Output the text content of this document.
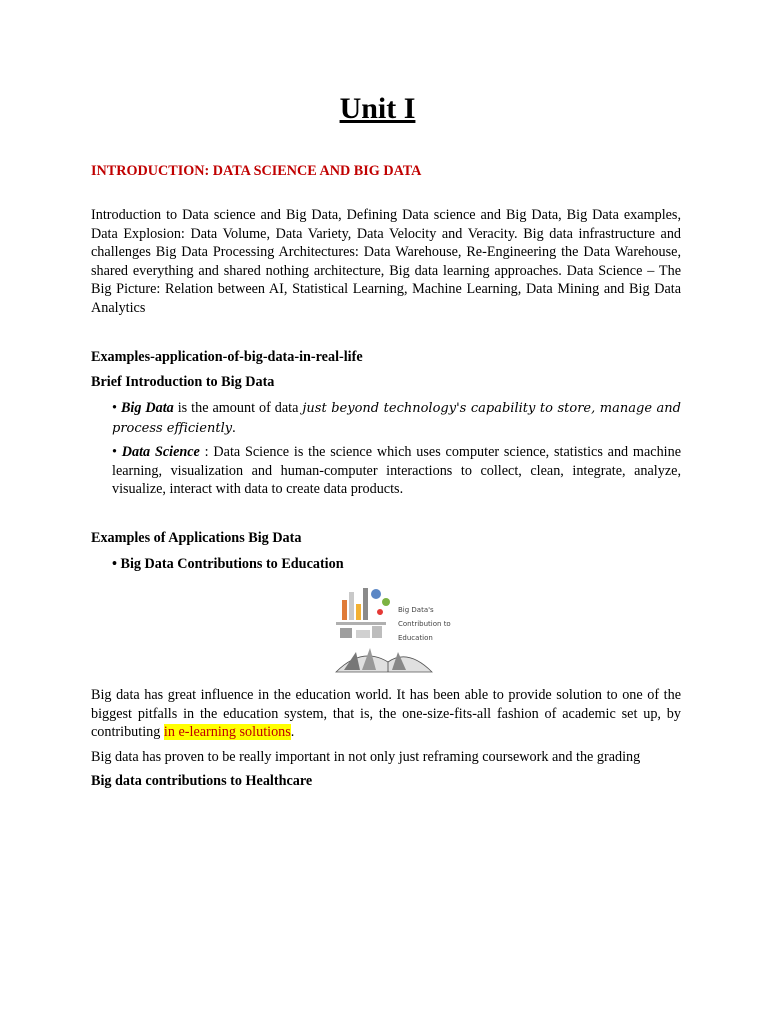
Unit I

INTRODUCTION: DATA SCIENCE AND BIG DATA

Introduction to Data science and Big Data, Defining Data science and Big Data, Big Data examples, Data Explosion: Data Volume, Data Variety, Data Velocity and Veracity. Big data infrastructure and challenges Big Data Processing Architectures: Data Warehouse, Re-Engineering the Data Warehouse, shared everything and shared nothing architecture, Big data learning approaches. Data Science – The Big Picture: Relation between AI, Statistical Learning, Machine Learning, Data Mining and Big Data Analytics

Examples-application-of-big-data-in-real-life

Brief Introduction to Big Data

• Big Data is the amount of data just beyond technology's capability to store, manage and process efficiently.
• Data Science : Data Science is the science which uses computer science, statistics and machine learning, visualization and human-computer interactions to collect, clean, integrate, analyze, visualize, interact with data to create data products.

Examples of Applications Big Data

• Big Data Contributions to Education

Big Data's
Contribution to
Education

Big data has great influence in the education world. It has been able to provide solution to one of the biggest pitfalls in the education system, that is, the one-size-fits-all fashion of academic set up, by contributing in e-learning solutions.

Big data has proven to be really important in not only just reframing coursework and the grading

Big data contributions to Healthcare
